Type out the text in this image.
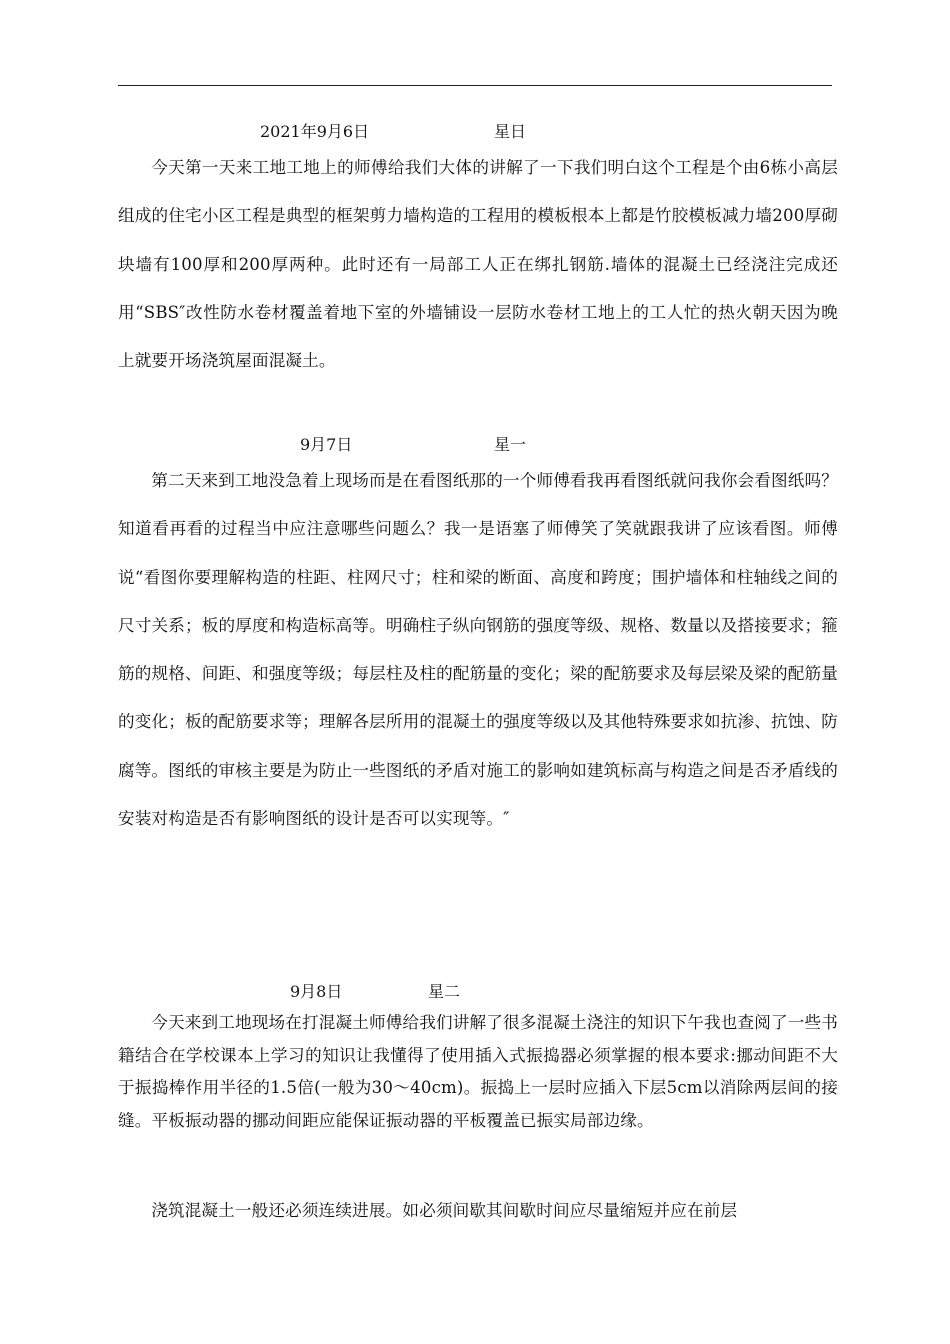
2021年9月6日	星日

今天第一天来工地工地上的师傅给我们大体的讲解了一下我们明白这个工程是个由6栋小高层组成的住宅小区工程是典型的框架剪力墙构造的工程用的模板根本上都是竹胶模板减力墙200厚砌块墙有100厚和200厚两种。此时还有一局部工人正在绑扎钢筋.墙体的混凝土已经浇注完成还用“SBS″改性防水卷材覆盖着地下室的外墙铺设一层防水卷材工地上的工人忙的热火朝天因为晚上就要开场浇筑屋面混凝土。

9月7日	星一

第二天来到工地没急着上现场而是在看图纸那的一个师傅看我再看图纸就问我你会看图纸吗？知道看再看的过程当中应注意哪些问题么？我一是语塞了师傅笑了笑就跟我讲了应该看图。师傅说“看图你要理解构造的柱距、柱网尺寸；柱和梁的断面、高度和跨度；围护墙体和柱轴线之间的尺寸关系；板的厚度和构造标高等。明确柱子纵向钢筋的强度等级、规格、数量以及搭接要求；箍筋的规格、间距、和强度等级；每层柱及柱的配筋量的变化；梁的配筋要求及每层梁及梁的配筋量的变化；板的配筋要求等；理解各层所用的混凝土的强度等级以及其他特殊要求如抗渗、抗蚀、防腐等。图纸的审核主要是为防止一些图纸的矛盾对施工的影响如建筑标高与构造之间是否矛盾线的安装对构造是否有影响图纸的设计是否可以实现等。″

9月8日	星二

今天来到工地现场在打混凝土师傅给我们讲解了很多混凝土浇注的知识下午我也查阅了一些书籍结合在学校课本上学习的知识让我懂得了使用插入式振捣器必须掌握的根本要求:挪动间距不大于振捣棒作用半径的1.5倍(一般为30～40cm)。振捣上一层时应插入下层5cm以消除两层间的接缝。平板振动器的挪动间距应能保证振动器的平板覆盖已振实局部边缘。

浇筑混凝土一般还必须连续进展。如必须间歇其间歇时间应尽量缩短并应在前层
